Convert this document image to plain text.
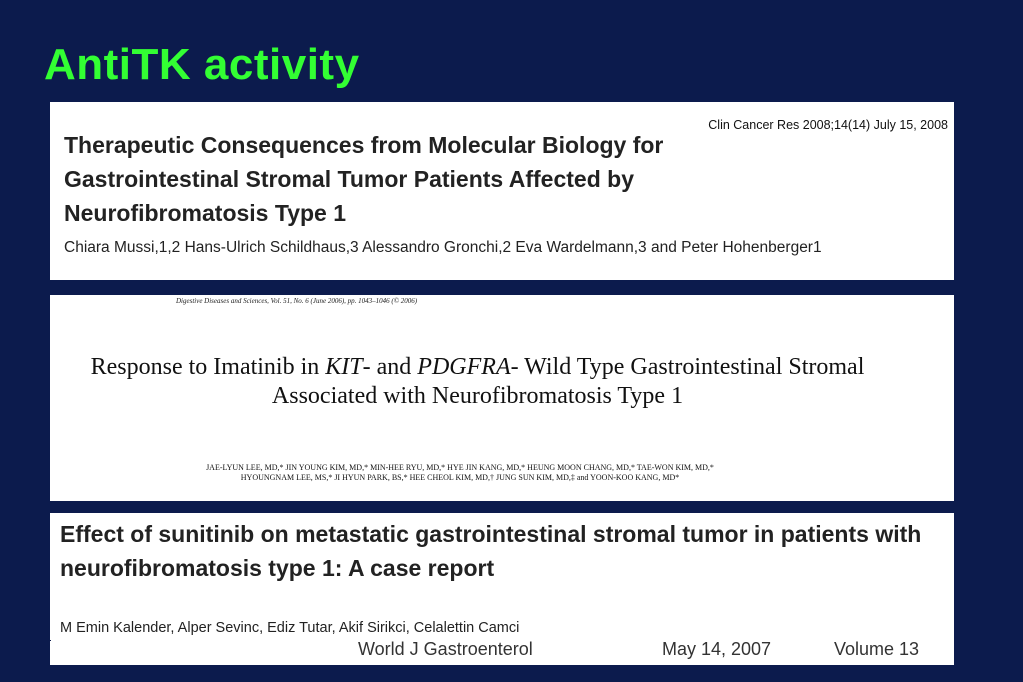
AntiTK activity
Clin Cancer Res 2008;14(14) July 15, 2008
Therapeutic Consequences from Molecular Biology for Gastrointestinal Stromal Tumor Patients Affected by Neurofibromatosis Type 1
Chiara Mussi,1,2 Hans-Ulrich Schildhaus,3 Alessandro Gronchi,2 Eva Wardelmann,3 and Peter Hohenberger1
Digestive Diseases and Sciences, Vol. 51, No. 6 (June 2006), pp. 1043–1046 (© 2006)
Response to Imatinib in KIT- and PDGFRA- Wild Type Gastrointestinal Stromal Associated with Neurofibromatosis Type 1
JAE-LYUN LEE, MD,* JIN YOUNG KIM, MD,* MIN-HEE RYU, MD,* HYE JIN KANG, MD,* HEUNG MOON CHANG, MD,* TAE-WON KIM, MD,* HYOUNGNAM LEE, MS,* JI HYUN PARK, BS,* HEE CHEOL KIM, MD,† JUNG SUN KIM, MD,‡ and YOON-KOO KANG, MD*
Effect of sunitinib on metastatic gastrointestinal stromal tumor in patients with neurofibromatosis type 1: A case report
M Emin Kalender, Alper Sevinc, Ediz Tutar, Akif Sirikci, Celalettin Camci
World J Gastroenterol	May 14, 2007	Volume 13
